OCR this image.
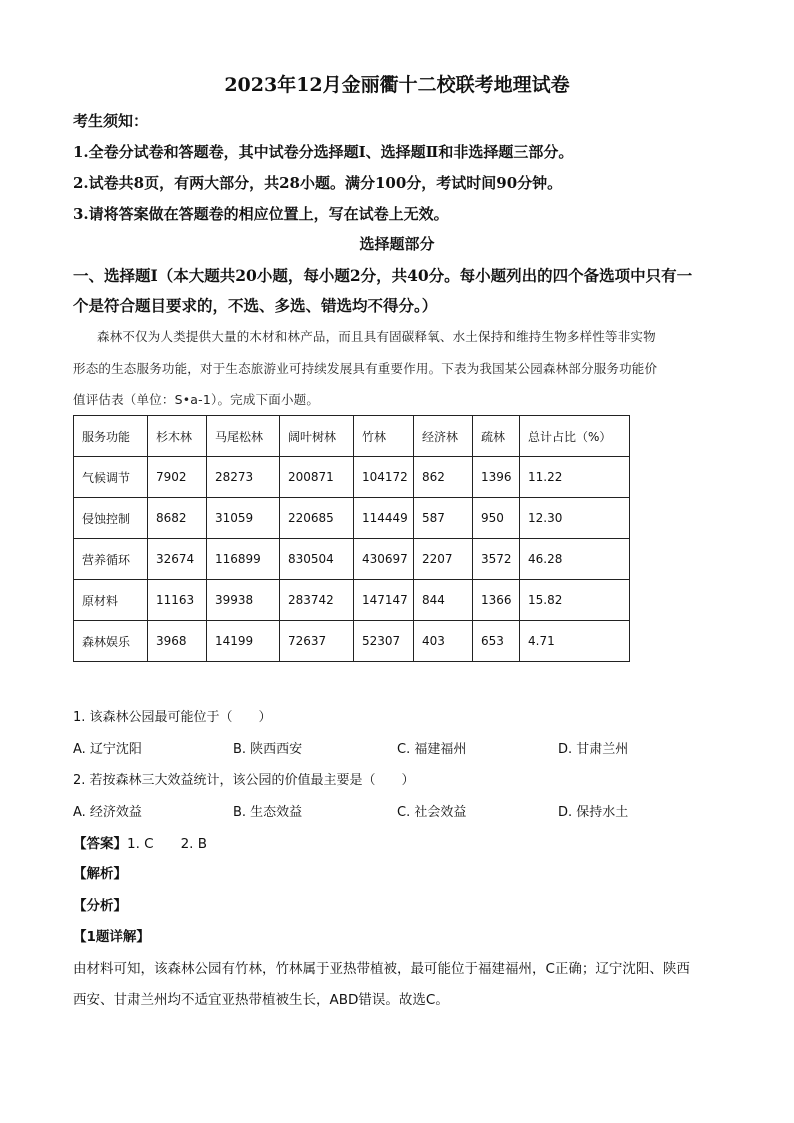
2023年12月金丽衢十二校联考地理试卷
考生须知：
1.全卷分试卷和答题卷，其中试卷分选择题Ⅰ、选择题Ⅱ和非选择题三部分。
2.试卷共8页，有两大部分，共28小题。满分100分，考试时间90分钟。
3.请将答案做在答题卷的相应位置上，写在试卷上无效。
选择题部分
一、选择题Ⅰ（本大题共20小题，每小题2分，共40分。每小题列出的四个备选项中只有一
个是符合题目要求的，不选、多选、错选均不得分。）
森林不仅为人类提供大量的木材和林产品，而且具有固碳释氧、水土保持和维持生物多样性等非实物
形态的生态服务功能，对于生态旅游业可持续发展具有重要作用。下表为我国某公园森林部分服务功能价
值评估表（单位：S•a-1）。完成下面小题。
服务功能	杉木林	马尾松林	阔叶树林	竹林	经济林	疏林	总计占比（%）
气候调节	7902	28273	200871	104172	862	1396	11.22
侵蚀控制	8682	31059	220685	114449	587	950	12.30
营养循环	32674	116899	830504	430697	2207	3572	46.28
原材料	11163	39938	283742	147147	844	1366	15.82
森林娱乐	3968	14199	72637	52307	403	653	4.71
1. 该森林公园最可能位于（　　）
A. 辽宁沈阳	B. 陕西西安	C. 福建福州	D. 甘肃兰州
2. 若按森林三大效益统计，该公园的价值最主要是（　　）
A. 经济效益	B. 生态效益	C. 社会效益	D. 保持水土
【答案】1. C　　2. B
【解析】
【分析】
【1题详解】
由材料可知，该森林公园有竹林，竹林属于亚热带植被，最可能位于福建福州，C正确；辽宁沈阳、陕西
西安、甘肃兰州均不适宜亚热带植被生长，ABD错误。故选C。
